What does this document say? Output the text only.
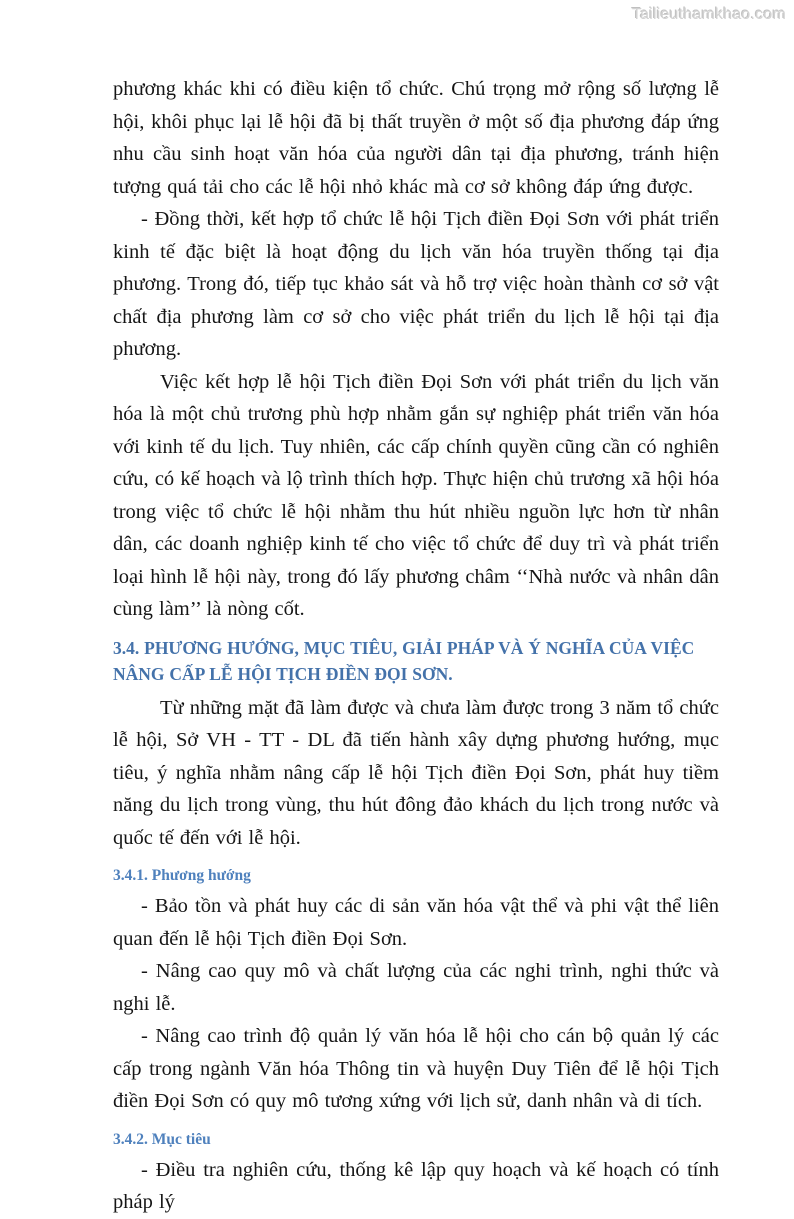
Tailieuthamkhao.com

phương khác khi có điều kiện tổ chức. Chú trọng mở rộng số lượng lễ hội, khôi phục lại lễ hội đã bị thất truyền ở một số địa phương đáp ứng nhu cầu sinh hoạt văn hóa của người dân tại địa phương, tránh hiện tượng quá tải cho các lễ hội nhỏ khác mà cơ sở không đáp ứng được.

- Đồng thời, kết hợp tổ chức lễ hội Tịch điền Đọi Sơn với phát triển kinh tế đặc biệt là hoạt động du lịch văn hóa truyền thống tại địa phương. Trong đó, tiếp tục khảo sát và hỗ trợ việc hoàn thành cơ sở vật chất địa phương làm cơ sở cho việc phát triển du lịch lễ hội tại địa phương.

Việc kết hợp lễ hội Tịch điền Đọi Sơn với phát triển du lịch văn hóa là một chủ trương phù hợp nhằm gắn sự nghiệp phát triển văn hóa với kinh tế du lịch. Tuy nhiên, các cấp chính quyền cũng cần có nghiên cứu, có kế hoạch và lộ trình thích hợp. Thực hiện chủ trương xã hội hóa trong việc tổ chức lễ hội nhằm thu hút nhiều nguồn lực hơn từ nhân dân, các doanh nghiệp kinh tế cho việc tổ chức để duy trì và phát triển loại hình lễ hội này, trong đó lấy phương châm ‘‘Nhà nước và nhân dân cùng làm’’ là nòng cốt.

3.4. PHƯƠNG HƯỚNG, MỤC TIÊU, GIẢI PHÁP VÀ Ý NGHĨA CỦA VIỆC NÂNG CẤP LỄ HỘI TỊCH ĐIỀN ĐỌI SƠN.

Từ những mặt đã làm được và chưa làm được trong 3 năm tổ chức lễ hội, Sở VH - TT - DL đã tiến hành xây dựng phương hướng, mục tiêu, ý nghĩa nhằm nâng cấp lễ hội Tịch điền Đọi Sơn, phát huy tiềm năng du lịch trong vùng, thu hút đông đảo khách du lịch trong nước và quốc tế đến với lễ hội.

3.4.1. Phương hướng

- Bảo tồn và phát huy các di sản văn hóa vật thể và phi vật thể liên quan đến lễ hội Tịch điền Đọi Sơn.

- Nâng cao quy mô và chất lượng của các nghi trình, nghi thức và nghi lễ.

- Nâng cao trình độ quản lý văn hóa lễ hội cho cán bộ quản lý các cấp trong ngành Văn hóa Thông tin và huyện Duy Tiên để lễ hội Tịch điền Đọi Sơn có quy mô tương xứng với lịch sử, danh nhân và di tích.

3.4.2. Mục tiêu

- Điều tra nghiên cứu, thống kê lập quy hoạch và kế hoạch có tính pháp lý
